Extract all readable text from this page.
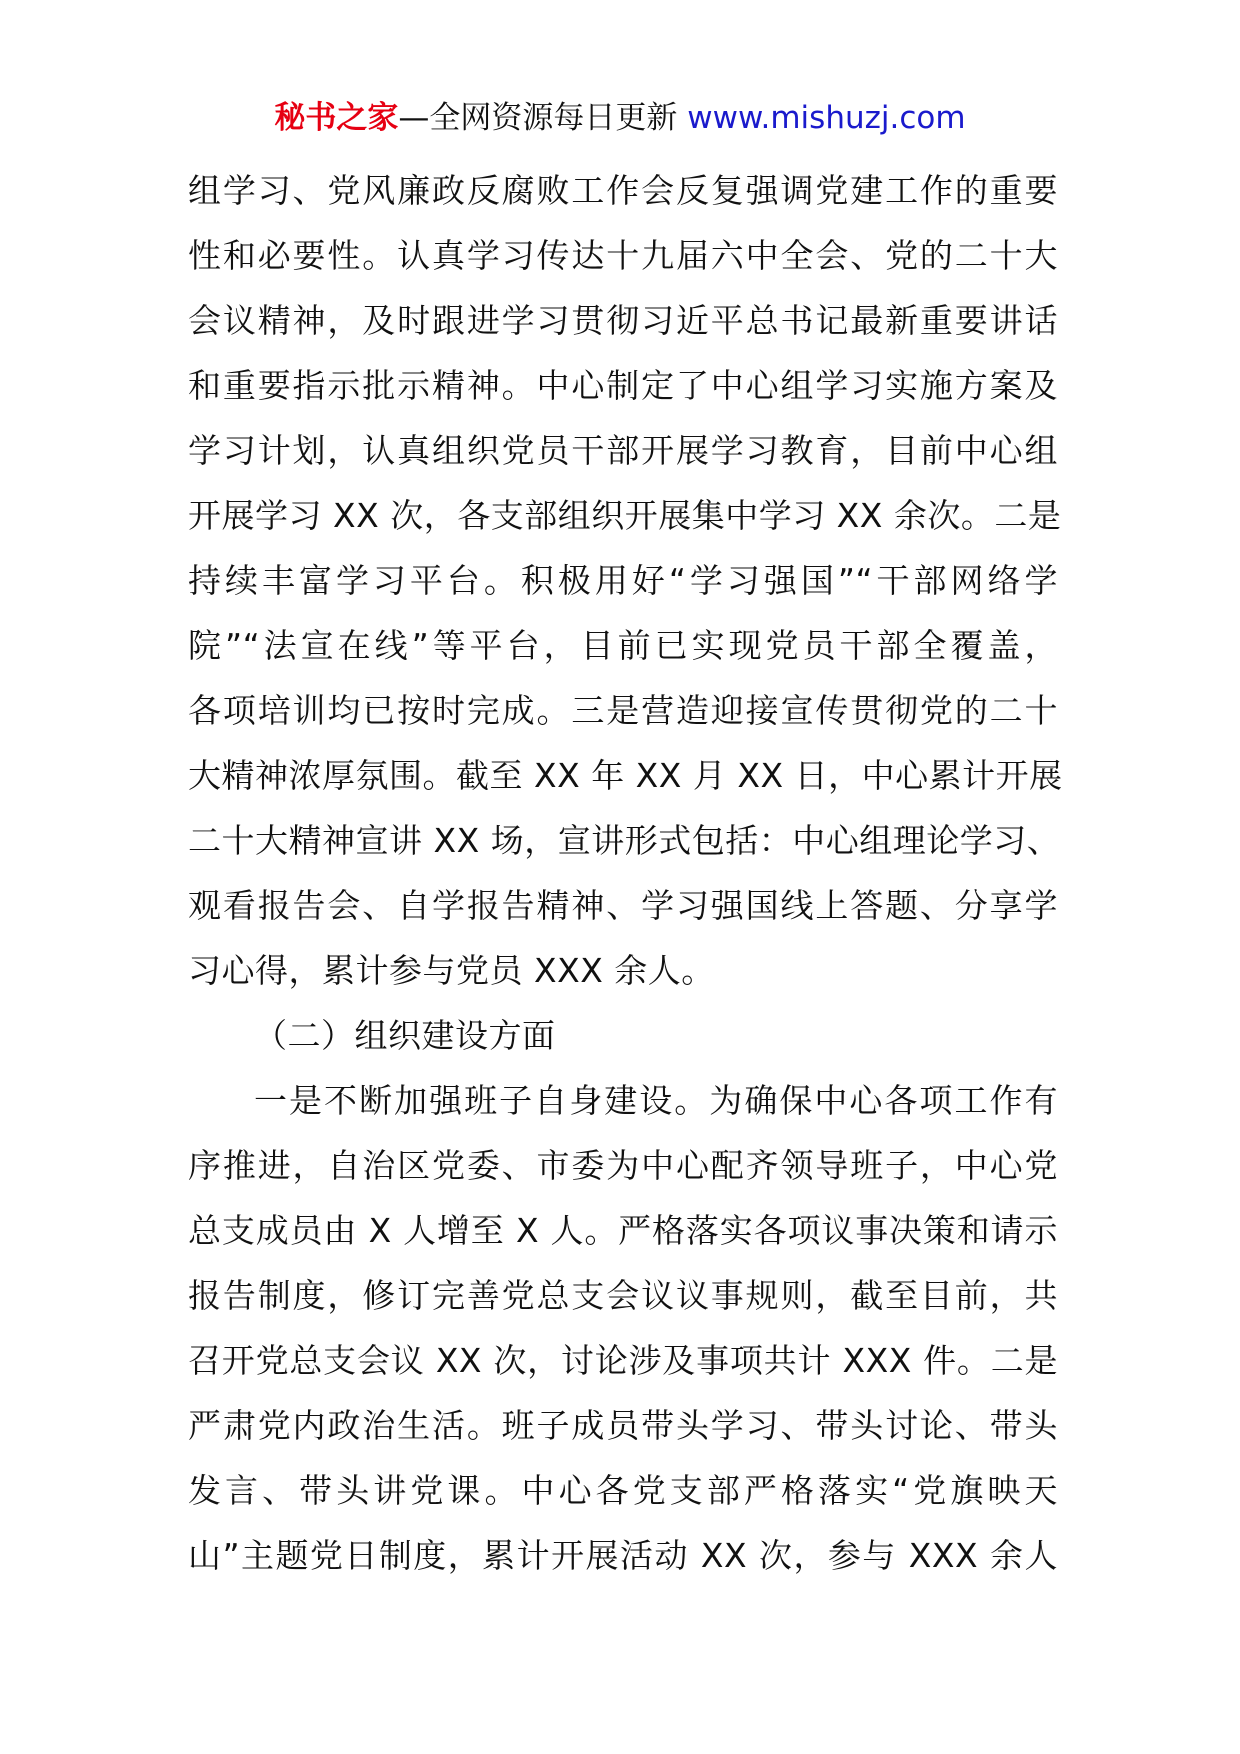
秘书之家—全网资源每日更新 www.mishuzj.com
组学习、党风廉政反腐败工作会反复强调党建工作的重要
性和必要性。认真学习传达十九届六中全会、党的二十大
会议精神，及时跟进学习贯彻习近平总书记最新重要讲话
和重要指示批示精神。中心制定了中心组学习实施方案及
学习计划，认真组织党员干部开展学习教育，目前中心组
开展学习 XX 次，各支部组织开展集中学习 XX 余次。二是
持续丰富学习平台。积极用好“学习强国”“干部网络学
院”“法宣在线”等平台，目前已实现党员干部全覆盖，
各项培训均已按时完成。三是营造迎接宣传贯彻党的二十
大精神浓厚氛围。截至 XX 年 XX 月 XX 日，中心累计开展
二十大精神宣讲 XX 场，宣讲形式包括：中心组理论学习、
观看报告会、自学报告精神、学习强国线上答题、分享学
习心得，累计参与党员 XXX 余人。
（二）组织建设方面
一是不断加强班子自身建设。为确保中心各项工作有
序推进，自治区党委、市委为中心配齐领导班子，中心党
总支成员由 X 人增至 X 人。严格落实各项议事决策和请示
报告制度，修订完善党总支会议议事规则，截至目前，共
召开党总支会议 XX 次，讨论涉及事项共计 XXX 件。二是
严肃党内政治生活。班子成员带头学习、带头讨论、带头
发言、带头讲党课。中心各党支部严格落实“党旗映天
山”主题党日制度，累计开展活动 XX 次，参与 XXX 余人
